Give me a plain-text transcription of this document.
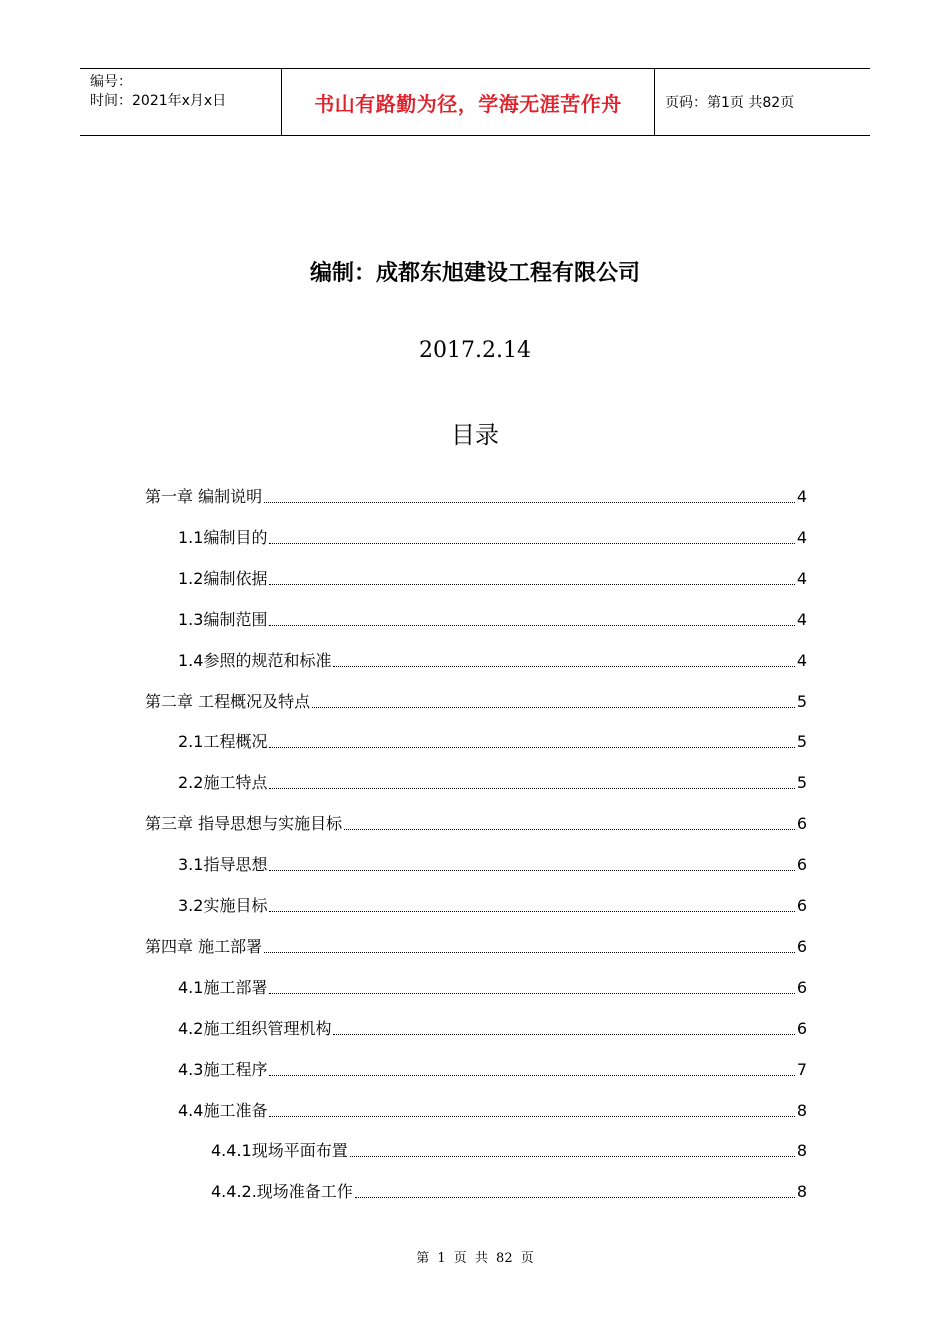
编号：
时间：2021年x月x日	书山有路勤为径，学海无涯苦作舟	页码：第1页 共82页
编制：成都东旭建设工程有限公司
2017.2.14
目录
第一章 编制说明	4
1.1编制目的	4
1.2编制依据	4
1.3编制范围	4
1.4参照的规范和标准	4
第二章 工程概况及特点	5
2.1工程概况	5
2.2施工特点	5
第三章 指导思想与实施目标	6
3.1指导思想	6
3.2实施目标	6
第四章 施工部署	6
4.1施工部署	6
4.2施工组织管理机构	6
4.3施工程序	7
4.4施工准备	8
4.4.1现场平面布置	8
4.4.2.现场准备工作	8
第 1 页 共 82 页
